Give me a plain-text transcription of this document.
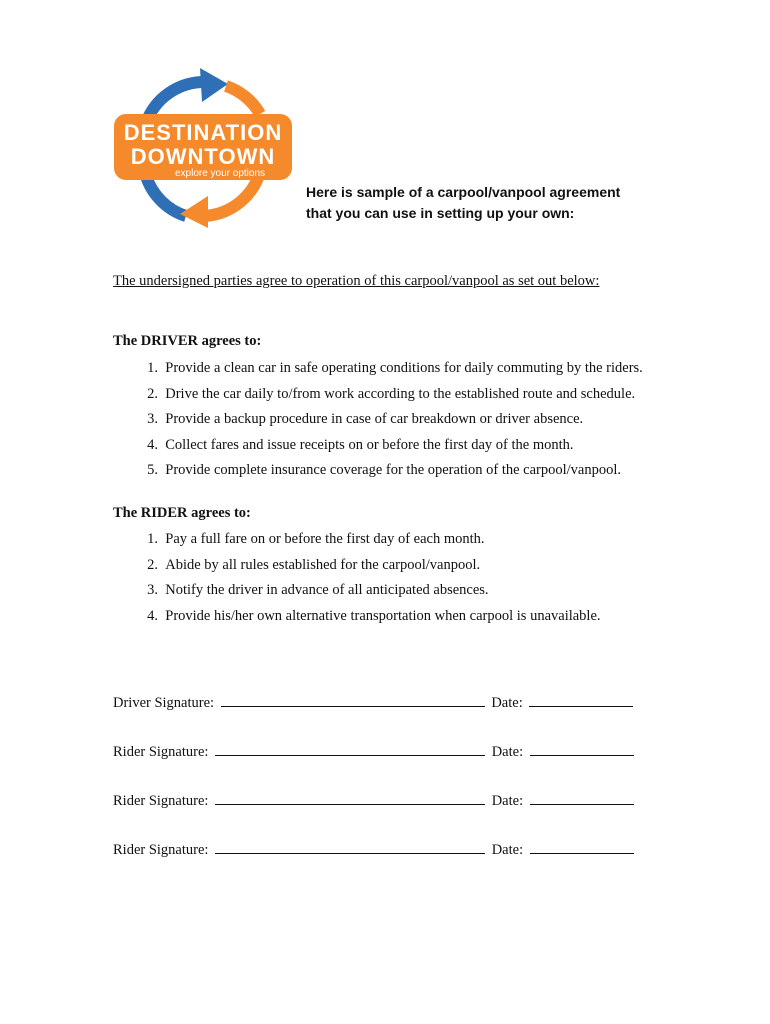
DESTINATION
DOWNTOWN
explore your options
Here is sample of a carpool/vanpool agreement
that you can use in setting up your own:
The undersigned parties agree to operation of this carpool/vanpool as set out below:
The DRIVER agrees to:
1. Provide a clean car in safe operating conditions for daily commuting by the riders.
2. Drive the car daily to/from work according to the established route and schedule.
3. Provide a backup procedure in case of car breakdown or driver absence.
4. Collect fares and issue receipts on or before the first day of the month.
5. Provide complete insurance coverage for the operation of the carpool/vanpool.
The RIDER agrees to:
1. Pay a full fare on or before the first day of each month.
2. Abide by all rules established for the carpool/vanpool.
3. Notify the driver in advance of all anticipated absences.
4. Provide his/her own alternative transportation when carpool is unavailable.
Driver Signature:	Date:
Rider Signature:	Date:
Rider Signature:	Date:
Rider Signature:	Date:
